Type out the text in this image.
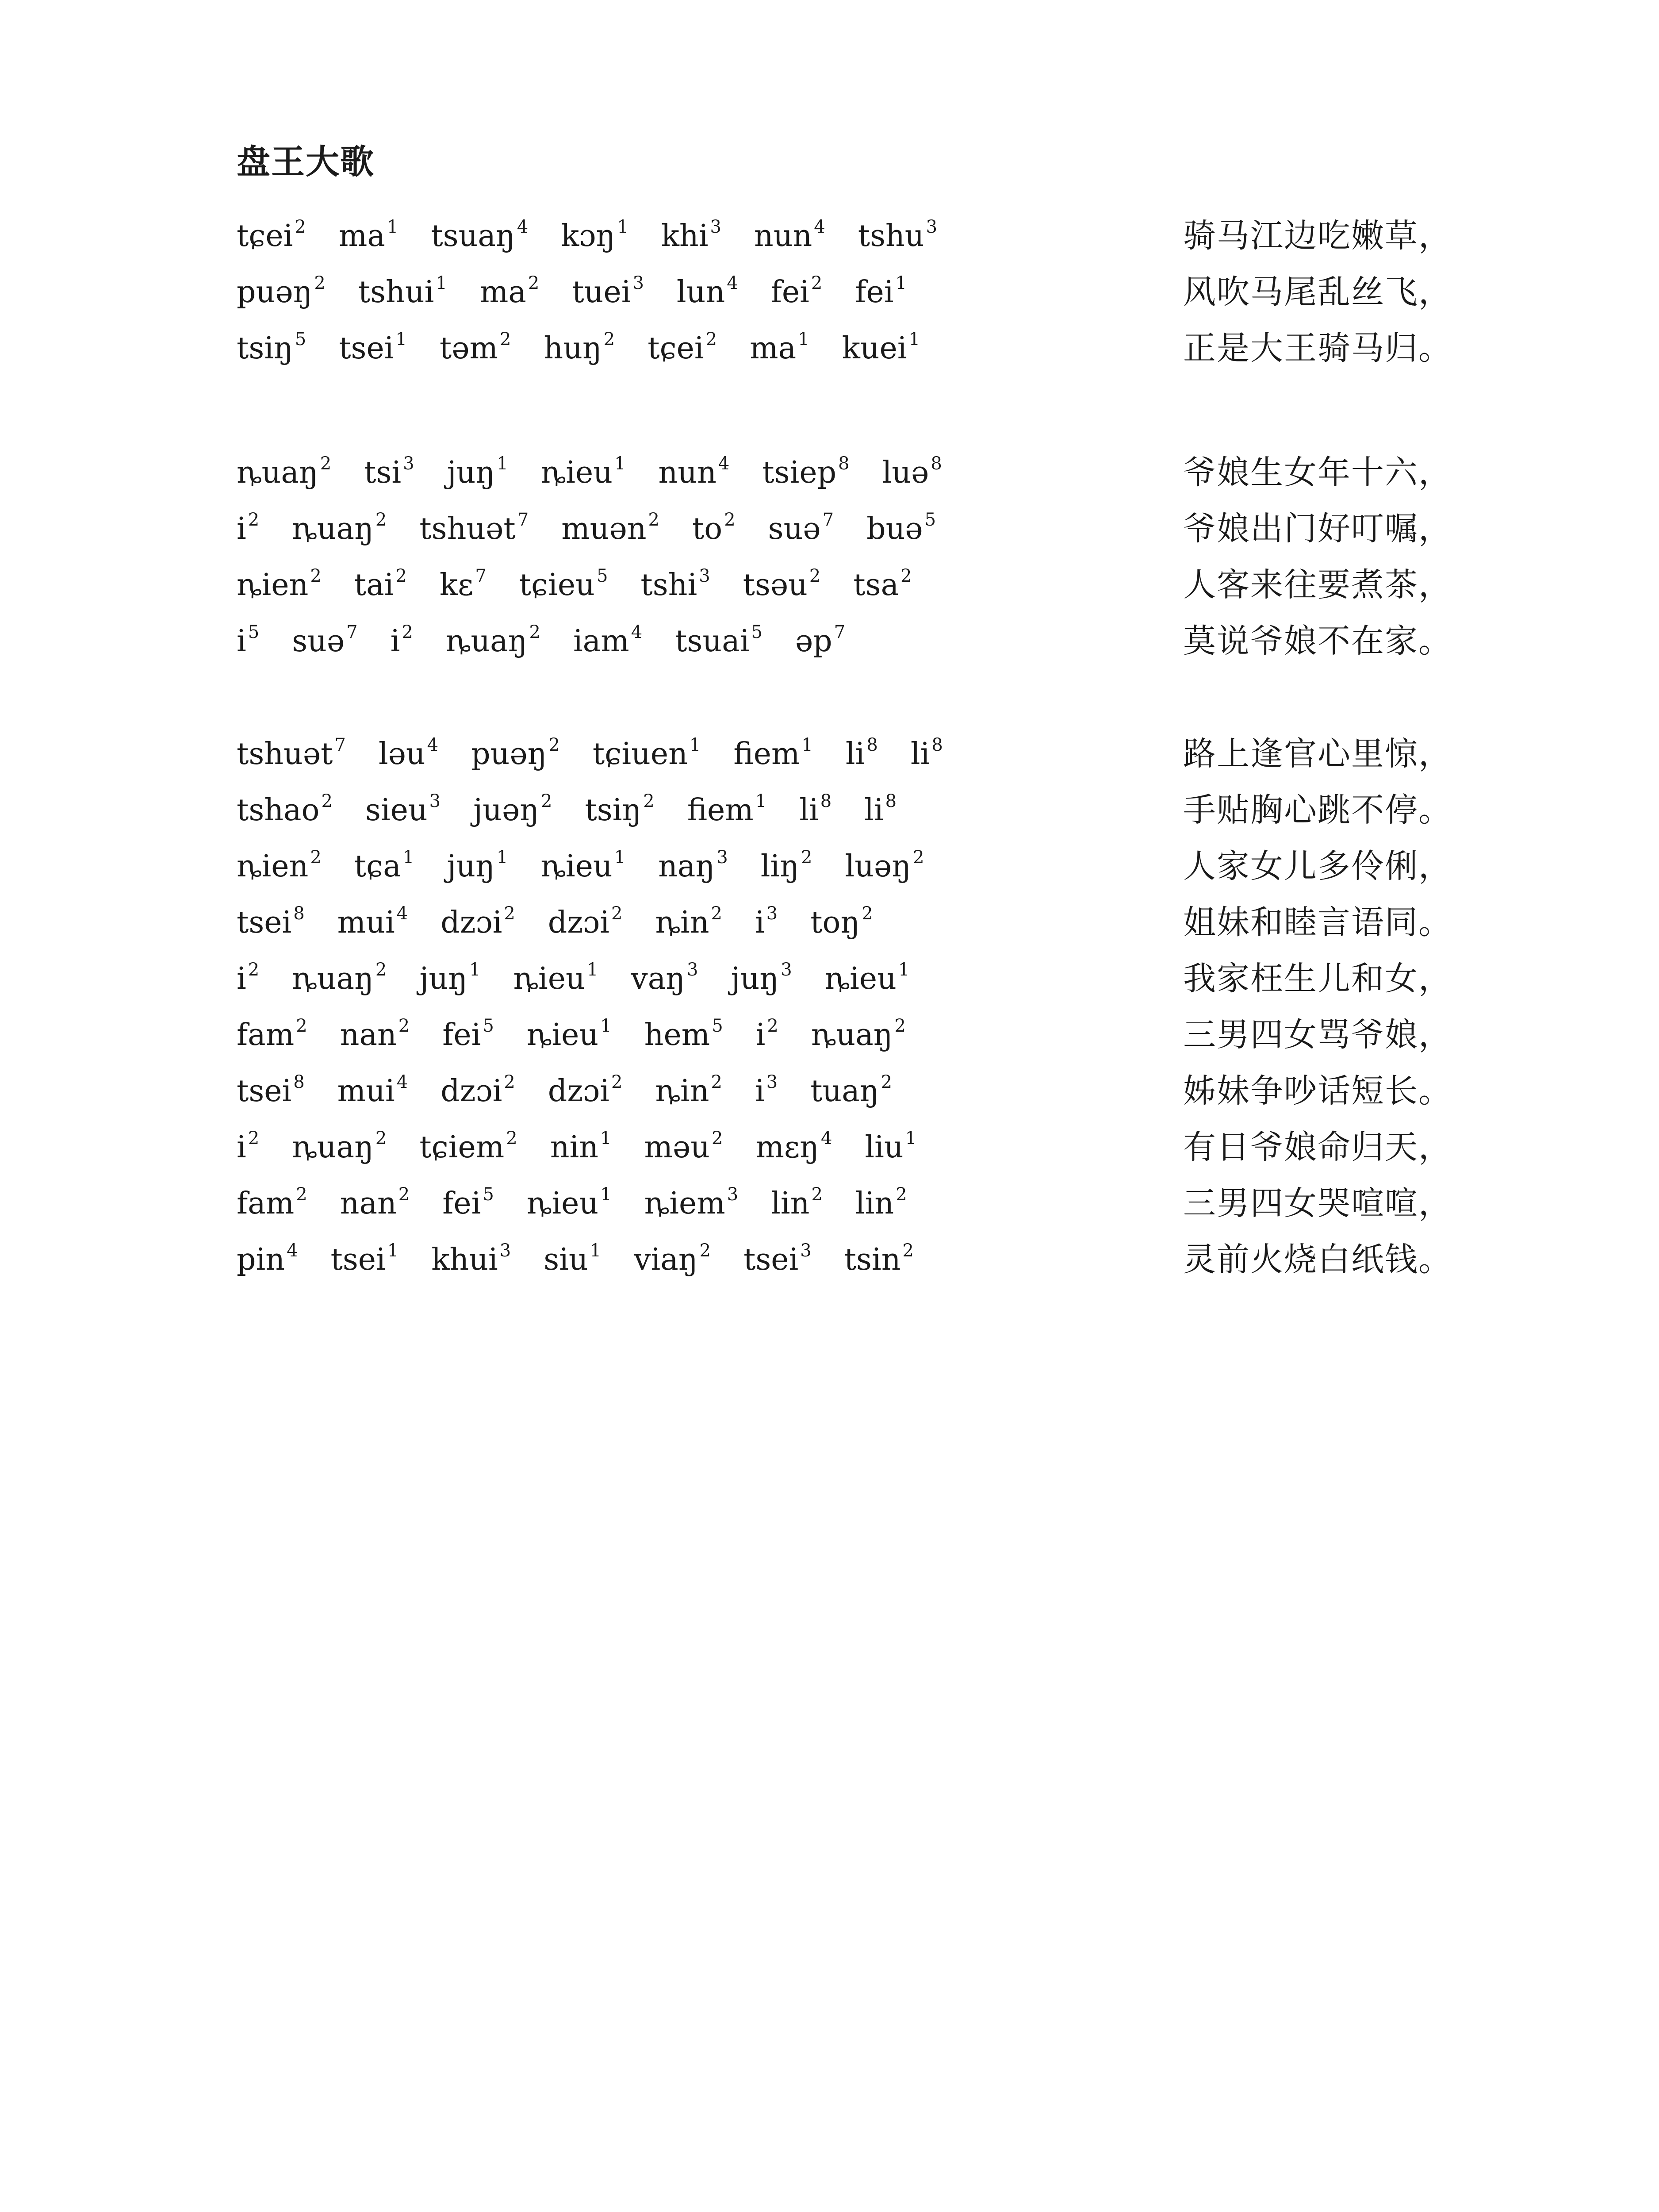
盘王大歌
tɕei $^2$ ma $^1$ tsuaŋ $^4$ kɔŋ $^1$ khi $^3$ nun $^4$ tshu $^3$	骑马江边吃嫩草，
puəŋ $^2$ tshui $^1$ ma $^2$ tuei $^3$ lun $^4$ fei $^2$ fei $^1$	风吹马尾乱丝飞，
tsiŋ $^5$ tsei $^1$ təm $^2$ huŋ $^2$ tɕei $^2$ ma $^1$ kuei $^1$	正是大王骑马归。
ȵuaŋ $^2$ tsi $^3$ juŋ $^1$ ȵieu $^1$ nun $^4$ tsiep $^8$ luə $^8$	爷娘生女年十六，
i $^2$ ȵuaŋ $^2$ tshuət $^7$ muən $^2$ to $^2$ suə $^7$ buə $^5$	爷娘出门好叮嘱，
ȵien $^2$ tai $^2$ kɛ $^7$ tɕieu $^5$ tshi $^3$ tsəu $^2$ tsa $^2$	人客来往要煮茶，
i $^5$ suə $^7$ i $^2$ ȵuaŋ $^2$ iam $^4$ tsuai $^5$ əp $^7$	莫说爷娘不在家。
tshuət $^7$ ləu $^4$ puəŋ $^2$ tɕiuen $^1$ fiem $^1$ li $^8$ li $^8$	路上逢官心里惊，
tshao $^2$ sieu $^3$ juəŋ $^2$ tsiŋ $^2$ fiem $^1$ li $^8$ li $^8$	手贴胸心跳不停。
ȵien $^2$ tɕa $^1$ juŋ $^1$ ȵieu $^1$ naŋ $^3$ liŋ $^2$ luəŋ $^2$	人家女儿多伶俐，
tsei $^8$ mui $^4$ dzɔi $^2$ dzɔi $^2$ ȵin $^2$ i $^3$ toŋ $^2$	姐妹和睦言语同。
i $^2$ ȵuaŋ $^2$ juŋ $^1$ ȵieu $^1$ vaŋ $^3$ juŋ $^3$ ȵieu $^1$	我家枉生儿和女，
fam $^2$ nan $^2$ fei $^5$ ȵieu $^1$ hem $^5$ i $^2$ ȵuaŋ $^2$	三男四女骂爷娘，
tsei $^8$ mui $^4$ dzɔi $^2$ dzɔi $^2$ ȵin $^2$ i $^3$ tuaŋ $^2$	姊妹争吵话短长。
i $^2$ ȵuaŋ $^2$ tɕiem $^2$ nin $^1$ məu $^2$ mɛŋ $^4$ liu $^1$	有日爷娘命归天，
fam $^2$ nan $^2$ fei $^5$ ȵieu $^1$ ȵiem $^3$ lin $^2$ lin $^2$	三男四女哭喧喧，
pin $^4$ tsei $^1$ khui $^3$ siu $^1$ viaŋ $^2$ tsei $^3$ tsin $^2$	灵前火烧白纸钱。
